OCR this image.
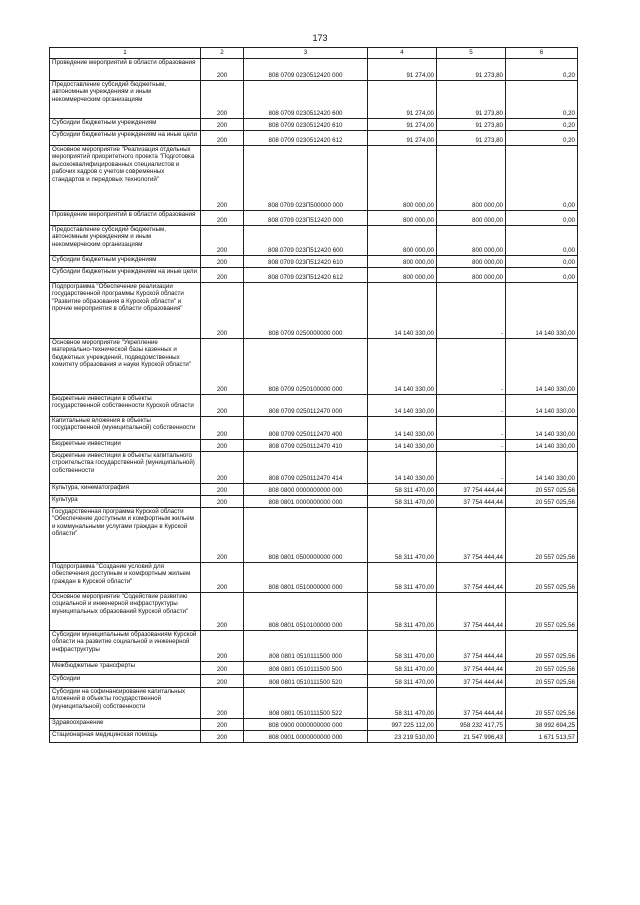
173
1	2	3	4	5	6
Проведение мероприятий в области образования	200	808 0709 0230512420 000	91 274,00	91 273,80	0,20
Предоставление субсидий бюджетным, автономным учреждениям и иным некоммерческим организациям	200	808 0709 0230512420 600	91 274,00	91 273,80	0,20
Субсидии бюджетным учреждениям	200	808 0709 0230512420 610	91 274,00	91 273,80	0,20
Субсидии бюджетным учреждениям на иные цели	200	808 0709 0230512420 612	91 274,00	91 273,80	0,20
Основное мероприятие "Реализация отдельных мероприятий приоритетного проекта "Подготовка высококвалифицированных специалистов и рабочих кадров с учетом современных стандартов и передовых технологий"	200	808 0709 023П500000 000	800 000,00	800 000,00	0,00
Проведение мероприятий в области образования	200	808 0709 023П512420 000	800 000,00	800 000,00	0,00
Предоставление субсидий бюджетным, автономным учреждениям и иным некоммерческим организациям	200	808 0709 023П512420 600	800 000,00	800 000,00	0,00
Субсидии бюджетным учреждениям	200	808 0709 023П512420 610	800 000,00	800 000,00	0,00
Субсидии бюджетным учреждениям на иные цели	200	808 0709 023П512420 612	800 000,00	800 000,00	0,00
Подпрограмма "Обеспечение реализации государственной программы Курской области "Развитие образования в Курской области" и прочие мероприятия в области образования"	200	808 0709 0250000000 000	14 140 330,00	-	14 140 330,00
Основное мероприятие "Укрепление материально-технической базы казенных и бюджетных учреждений, подведомственных комитету образования и науки Курской области"	200	808 0709 0250100000 000	14 140 330,00	-	14 140 330,00
Бюджетные инвестиции в объекты государственной собственности Курской области	200	808 0709 0250112470 000	14 140 330,00	-	14 140 330,00
Капитальные вложения в объекты государственной (муниципальной) собственности	200	808 0709 0250112470 400	14 140 330,00	-	14 140 330,00
Бюджетные инвестиции	200	808 0709 0250112470 410	14 140 330,00	-	14 140 330,00
Бюджетные инвестиции в объекты капитального строительства государственной (муниципальной) собственности	200	808 0709 0250112470 414	14 140 330,00	-	14 140 330,00
Культура, кинематография	200	808 0800 0000000000 000	58 311 470,00	37 754 444,44	20 557 025,56
Культура	200	808 0801 0000000000 000	58 311 470,00	37 754 444,44	20 557 025,56
Государственная программа Курской области "Обеспечение доступным и комфортным жильем и коммунальными услугами граждан в Курской области"	200	808 0801 0500000000 000	58 311 470,00	37 754 444,44	20 557 025,56
Подпрограмма "Создание условий для обеспечения доступным и комфортным жильем граждан в Курской области"	200	808 0801 0510000000 000	58 311 470,00	37 754 444,44	20 557 025,56
Основное мероприятие "Содействие развитию социальной и инженерной инфраструктуры муниципальных образований Курской области"	200	808 0801 0510100000 000	58 311 470,00	37 754 444,44	20 557 025,56
Субсидии муниципальным образованиям Курской области на развитие социальной и инженерной инфраструктуры	200	808 0801 0510111500 000	58 311 470,00	37 754 444,44	20 557 025,56
Межбюджетные трансферты	200	808 0801 0510111500 500	58 311 470,00	37 754 444,44	20 557 025,56
Субсидии	200	808 0801 0510111500 520	58 311 470,00	37 754 444,44	20 557 025,56
Субсидии на софинансирование капитальных вложений в объекты государственной (муниципальной) собственности	200	808 0801 0510111500 522	58 311 470,00	37 754 444,44	20 557 025,56
Здравоохранение	200	808 0900 0000000000 000	997 225 112,00	958 232 417,75	38 992 694,25
Стационарная медицинская помощь	200	808 0901 0000000000 000	23 219 510,00	21 547 996,43	1 671 513,57
